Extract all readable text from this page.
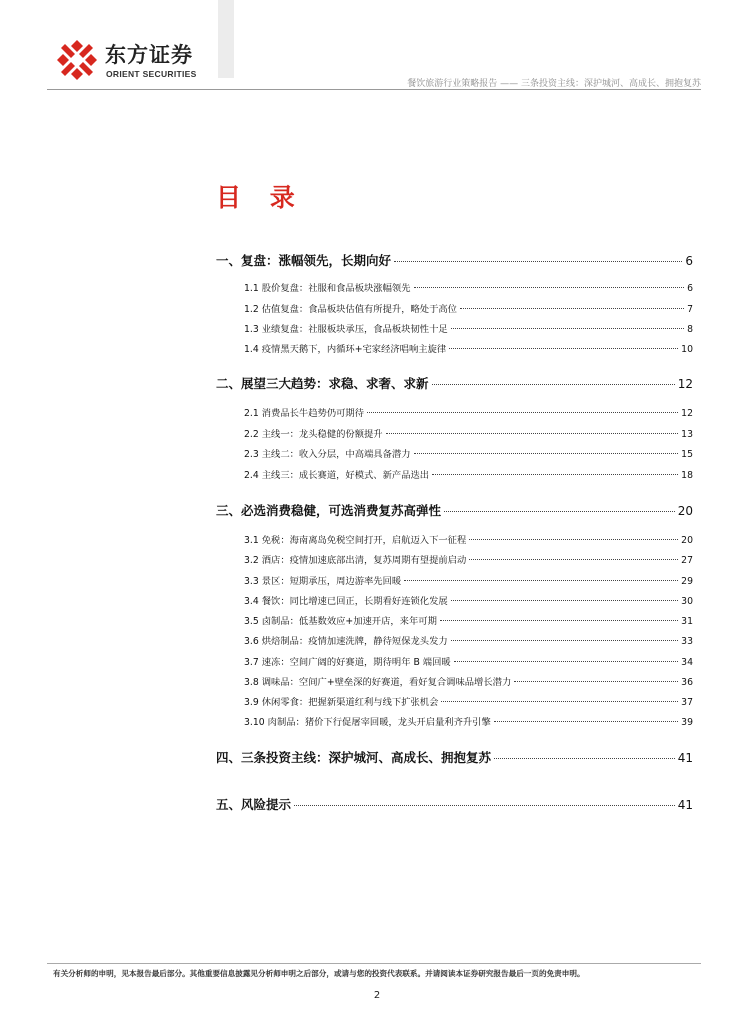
东方证券
ORIENT SECURITIES
餐饮旅游行业策略报告 —— 三条投资主线：深护城河、高成长、拥抱复苏
目 录
一、复盘：涨幅领先，长期向好	6
1.1 股价复盘：社服和食品板块涨幅领先	6
1.2 估值复盘：食品板块估值有所提升，略处于高位	7
1.3 业绩复盘：社服板块承压，食品板块韧性十足	8
1.4 疫情黑天鹅下，内循环+宅家经济唱响主旋律	10
二、展望三大趋势：求稳、求奢、求新	12
2.1 消费品长牛趋势仍可期待	12
2.2 主线一：龙头稳健的份额提升	13
2.3 主线二：收入分层，中高端具备潜力	15
2.4 主线三：成长赛道，好模式、新产品迭出	18
三、必选消费稳健，可选消费复苏高弹性	20
3.1 免税：海南离岛免税空间打开，启航迈入下一征程	20
3.2 酒店：疫情加速底部出清，复苏周期有望提前启动	27
3.3 景区：短期承压，周边游率先回暖	29
3.4 餐饮：同比增速已回正，长期看好连锁化发展	30
3.5 卤制品：低基数效应+加速开店，来年可期	31
3.6 烘焙制品：疫情加速洗牌，静待短保龙头发力	33
3.7 速冻：空间广阔的好赛道，期待明年 B 端回暖	34
3.8 调味品：空间广+壁垒深的好赛道，看好复合调味品增长潜力	36
3.9 休闲零食：把握新渠道红利与线下扩张机会	37
3.10 肉制品：猪价下行促屠宰回暖，龙头开启量利齐升引擎	39
四、三条投资主线：深护城河、高成长、拥抱复苏	41
五、风险提示	41
有关分析师的申明，见本报告最后部分。其他重要信息披露见分析师申明之后部分，或请与您的投资代表联系。并请阅读本证券研究报告最后一页的免责申明。
2
